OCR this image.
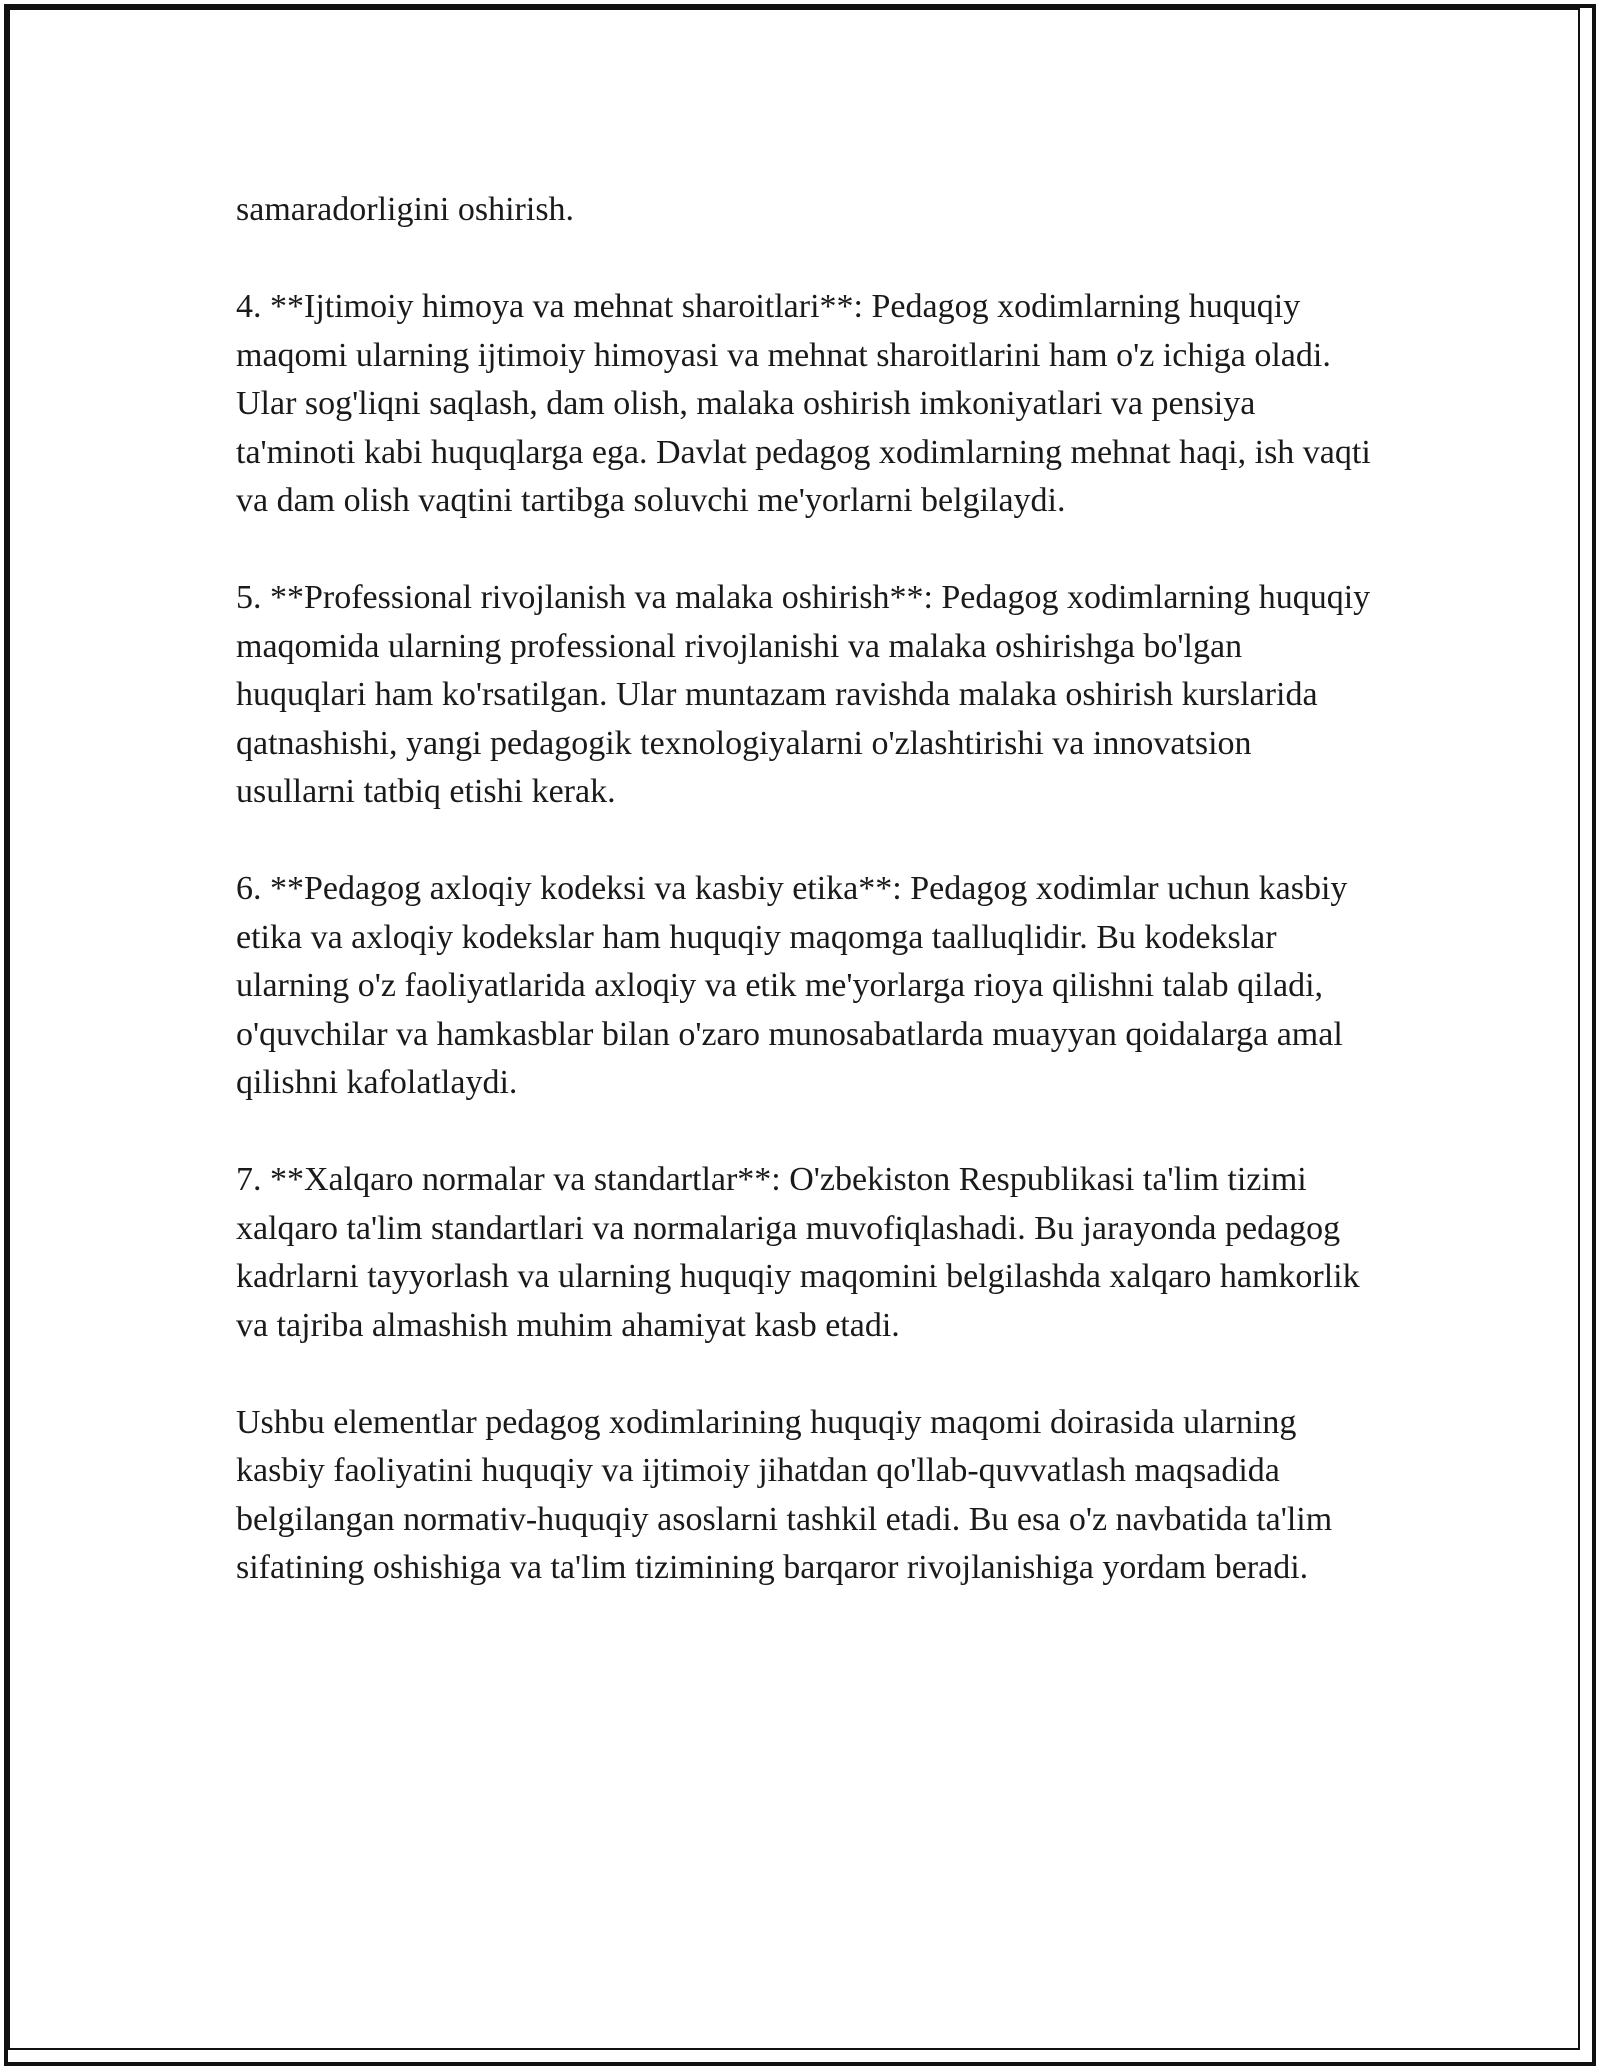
samaradorligini oshirish.

4. **Ijtimoiy himoya va mehnat sharoitlari**: Pedagog xodimlarning huquqiy maqomi ularning ijtimoiy himoyasi va mehnat sharoitlarini ham o'z ichiga oladi. Ular sog'liqni saqlash, dam olish, malaka oshirish imkoniyatlari va pensiya ta'minoti kabi huquqlarga ega. Davlat pedagog xodimlarning mehnat haqi, ish vaqti va dam olish vaqtini tartibga soluvchi me'yorlarni belgilaydi.

5. **Professional rivojlanish va malaka oshirish**: Pedagog xodimlarning huquqiy maqomida ularning professional rivojlanishi va malaka oshirishga bo'lgan huquqlari ham ko'rsatilgan. Ular muntazam ravishda malaka oshirish kurslarida qatnashishi, yangi pedagogik texnologiyalarni o'zlashtirishi va innovatsion usullarni tatbiq etishi kerak.

6. **Pedagog axloqiy kodeksi va kasbiy etika**: Pedagog xodimlar uchun kasbiy etika va axloqiy kodekslar ham huquqiy maqomga taalluqlidir. Bu kodekslar ularning o'z faoliyatlarida axloqiy va etik me'yorlarga rioya qilishni talab qiladi, o'quvchilar va hamkasblar bilan o'zaro munosabatlarda muayyan qoidalarga amal qilishni kafolatlaydi.

7. **Xalqaro normalar va standartlar**: O'zbekiston Respublikasi ta'lim tizimi xalqaro ta'lim standartlari va normalariga muvofiqlashadi. Bu jarayonda pedagog kadrlarni tayyorlash va ularning huquqiy maqomini belgilashda xalqaro hamkorlik va tajriba almashish muhim ahamiyat kasb etadi.

Ushbu elementlar pedagog xodimlarining huquqiy maqomi doirasida ularning kasbiy faoliyatini huquqiy va ijtimoiy jihatdan qo'llab-quvvatlash maqsadida belgilangan normativ-huquqiy asoslarni tashkil etadi. Bu esa o'z navbatida ta'lim sifatining oshishiga va ta'lim tizimining barqaror rivojlanishiga yordam beradi.
